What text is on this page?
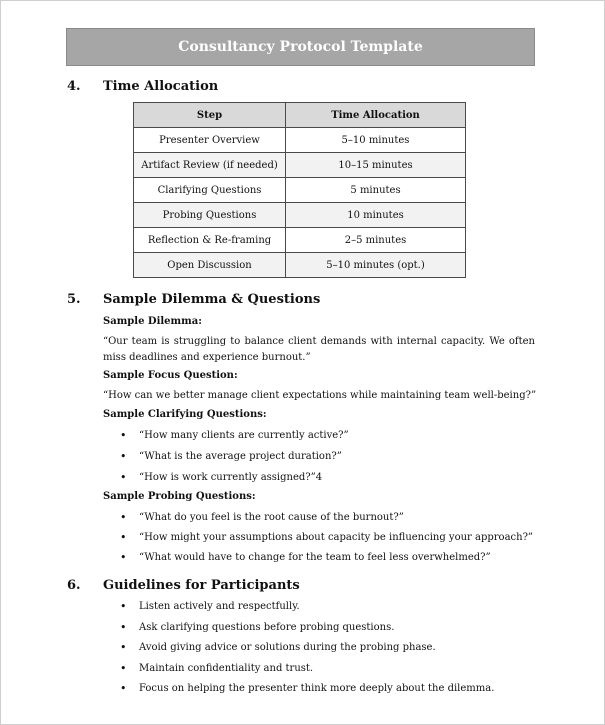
Consultancy Protocol Template
4. Time Allocation
Step	Time Allocation
Presenter Overview	5–10 minutes
Artifact Review (if needed)	10–15 minutes
Clarifying Questions	5 minutes
Probing Questions	10 minutes
Reflection & Re-framing	2–5 minutes
Open Discussion	5–10 minutes (opt.)
5. Sample Dilemma & Questions
Sample Dilemma:
“Our team is struggling to balance client demands with internal capacity. We often miss deadlines and experience burnout.”
Sample Focus Question:
“How can we better manage client expectations while maintaining team well-being?”
Sample Clarifying Questions:
• “How many clients are currently active?”
• “What is the average project duration?”
• “How is work currently assigned?”4
Sample Probing Questions:
• “What do you feel is the root cause of the burnout?”
• “How might your assumptions about capacity be influencing your approach?”
• “What would have to change for the team to feel less overwhelmed?”
6. Guidelines for Participants
• Listen actively and respectfully.
• Ask clarifying questions before probing questions.
• Avoid giving advice or solutions during the probing phase.
• Maintain confidentiality and trust.
• Focus on helping the presenter think more deeply about the dilemma.
